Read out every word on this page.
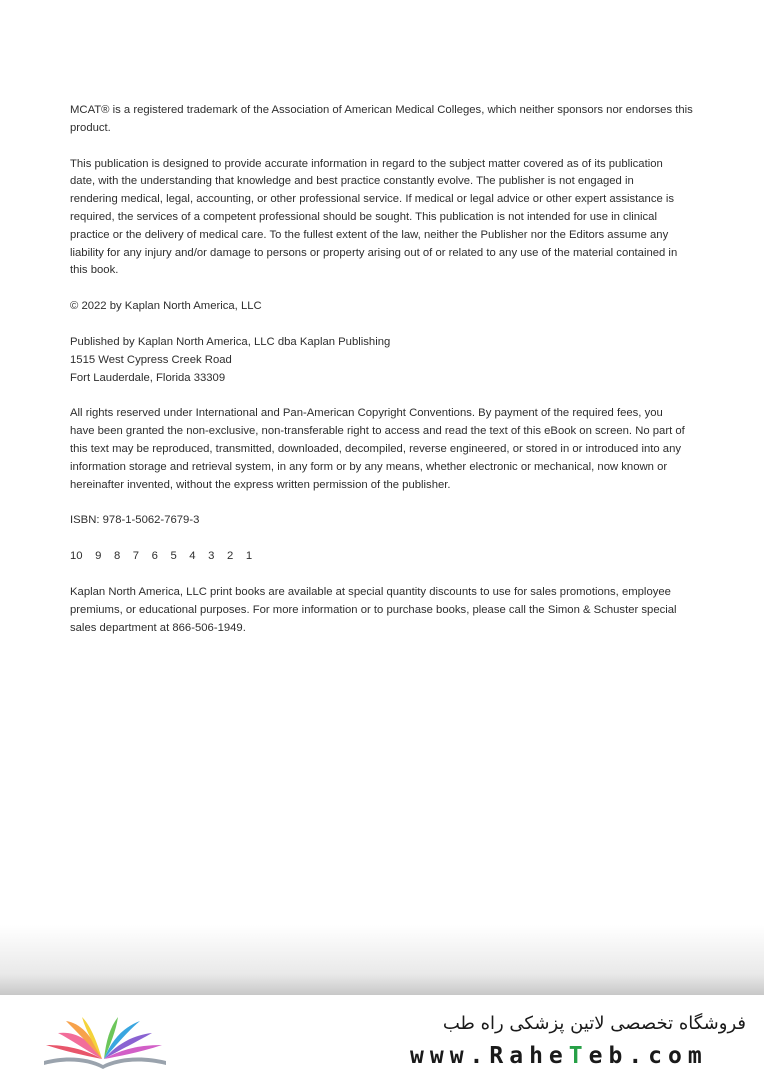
MCAT® is a registered trademark of the Association of American Medical Colleges, which neither sponsors nor endorses this
product.

This publication is designed to provide accurate information in regard to the subject matter covered as of its publication
date, with the understanding that knowledge and best practice constantly evolve. The publisher is not engaged in
rendering medical, legal, accounting, or other professional service. If medical or legal advice or other expert assistance is
required, the services of a competent professional should be sought. This publication is not intended for use in clinical
practice or the delivery of medical care. To the fullest extent of the law, neither the Publisher nor the Editors assume any
liability for any injury and/or damage to persons or property arising out of or related to any use of the material contained in
this book.

© 2022 by Kaplan North America, LLC

Published by Kaplan North America, LLC dba Kaplan Publishing
1515 West Cypress Creek Road
Fort Lauderdale, Florida 33309

All rights reserved under International and Pan-American Copyright Conventions. By payment of the required fees, you
have been granted the non-exclusive, non-transferable right to access and read the text of this eBook on screen. No part of
this text may be reproduced, transmitted, downloaded, decompiled, reverse engineered, or stored in or introduced into any
information storage and retrieval system, in any form or by any means, whether electronic or mechanical, now known or
hereinafter invented, without the express written permission of the publisher.

ISBN: 978-1-5062-7679-3

10    9    8    7    6    5    4    3    2    1

Kaplan North America, LLC print books are available at special quantity discounts to use for sales promotions, employee
premiums, or educational purposes. For more information or to purchase books, please call the Simon & Schuster special
sales department at 866-506-1949.

فروشگاه تخصصی لاتین پزشکی راه طب
www.RaheTeb.com
